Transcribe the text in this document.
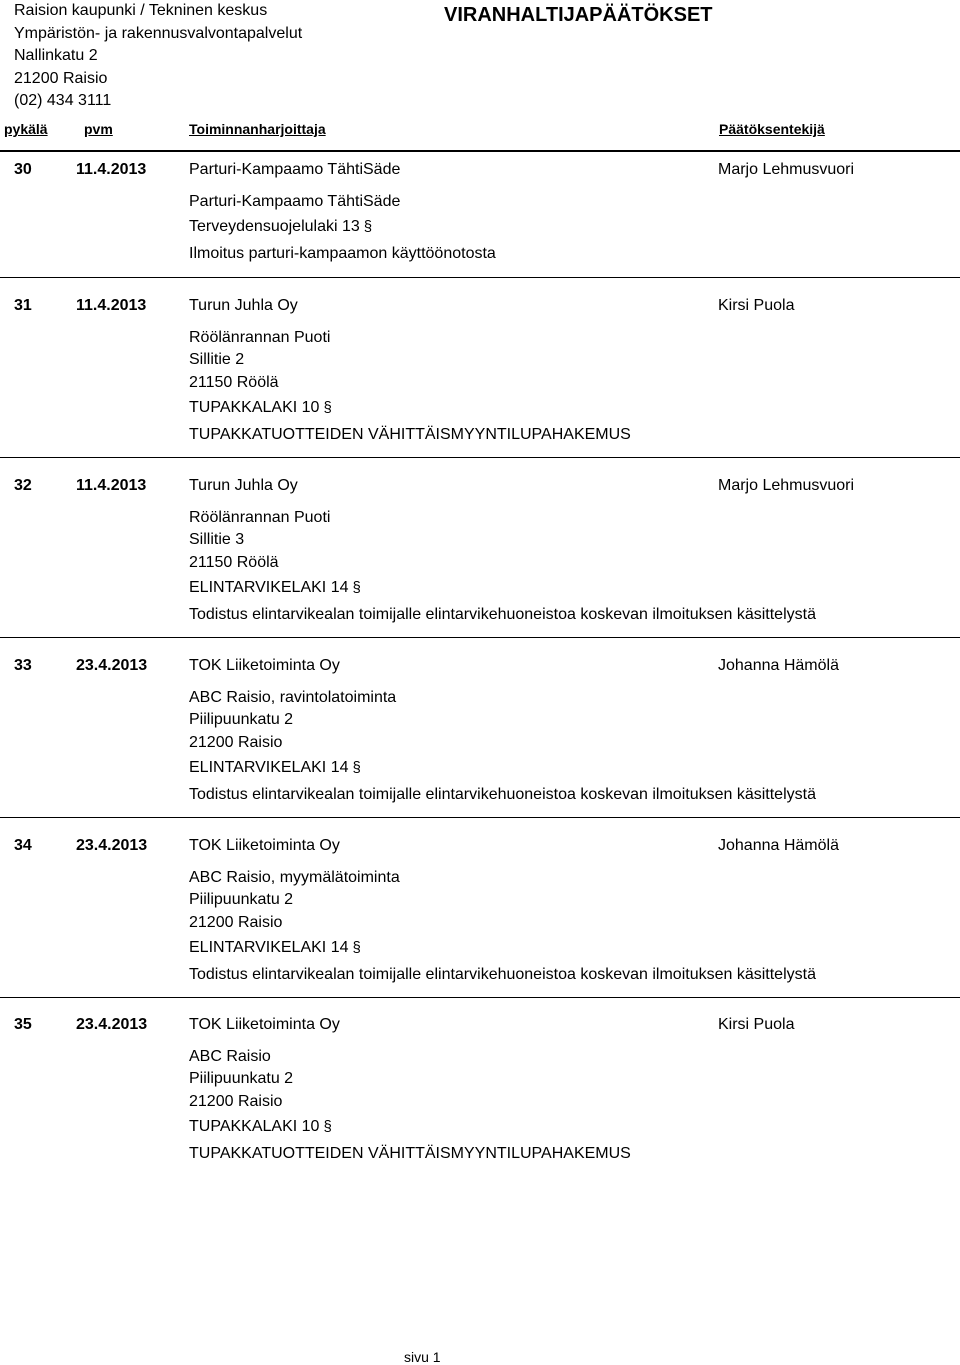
Raision kaupunki / Tekninen keskus
Ympäristön- ja rakennusvalvontapalvelut
Nallinkatu 2
21200 Raisio
(02) 434 3111
VIRANHALTIJAPÄÄTÖKSET
pykälä	pvm	Toiminnanharjoittaja	Päätöksentekijä
30	11.4.2013	Parturi-Kampaamo TähtiSäde	Marjo Lehmusvuori
Parturi-Kampaamo TähtiSäde
Terveydensuojelulaki 13 §
Ilmoitus parturi-kampaamon käyttöönotosta
31	11.4.2013	Turun Juhla Oy	Kirsi Puola
Röölänrannan Puoti
Sillitie 2
21150 Röölä
TUPAKKALAKI 10 §
TUPAKKATUOTTEIDEN VÄHITTÄISMYYNTILUPAHAKEMUS
32	11.4.2013	Turun Juhla Oy	Marjo Lehmusvuori
Röölänrannan Puoti
Sillitie 3
21150 Röölä
ELINTARVIKELAKI 14 §
Todistus elintarvikealan toimijalle elintarvikehuoneistoa koskevan ilmoituksen käsittelystä
33	23.4.2013	TOK Liiketoiminta Oy	Johanna Hämölä
ABC Raisio, ravintolatoiminta
Piilipuunkatu 2
21200 Raisio
ELINTARVIKELAKI 14 §
Todistus elintarvikealan toimijalle elintarvikehuoneistoa koskevan ilmoituksen käsittelystä
34	23.4.2013	TOK Liiketoiminta Oy	Johanna Hämölä
ABC Raisio, myymälätoiminta
Piilipuunkatu 2
21200 Raisio
ELINTARVIKELAKI 14 §
Todistus elintarvikealan toimijalle elintarvikehuoneistoa koskevan ilmoituksen käsittelystä
35	23.4.2013	TOK Liiketoiminta Oy	Kirsi Puola
ABC Raisio
Piilipuunkatu 2
21200 Raisio
TUPAKKALAKI 10 §
TUPAKKATUOTTEIDEN VÄHITTÄISMYYNTILUPAHAKEMUS
sivu 1
